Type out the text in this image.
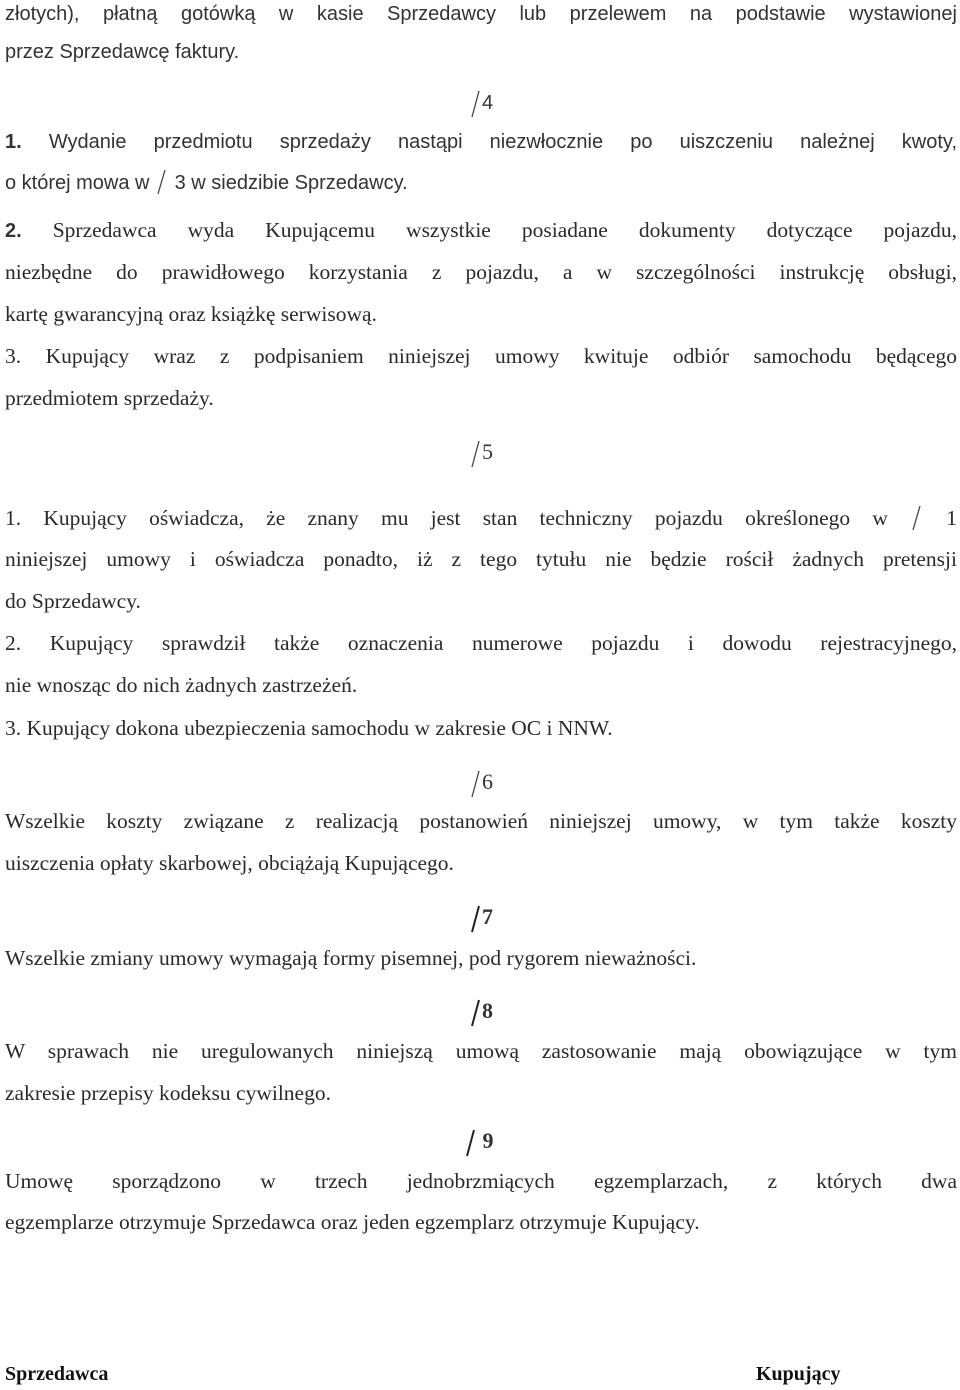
złotych), płatną gotówką w kasie Sprzedawcy lub przelewem na podstawie wystawionej
przez Sprzedawcę faktury.
4
1. Wydanie przedmiotu sprzedaży nastąpi niezwłocznie po uiszczeniu należnej kwoty,
o której mowa w  3 w siedzibie Sprzedawcy.
2. Sprzedawca wyda Kupującemu wszystkie posiadane dokumenty dotyczące pojazdu,
niezbędne do prawidłowego korzystania z pojazdu, a w szczególności instrukcję obsługi,
kartę gwarancyjną oraz książkę serwisową.
3. Kupujący wraz z podpisaniem niniejszej umowy kwituje odbiór samochodu będącego
przedmiotem sprzedaży.
5
1. Kupujący oświadcza, że znany mu jest stan techniczny pojazdu określonego w  1
niniejszej umowy i oświadcza ponadto, iż z tego tytułu nie będzie rościł żadnych pretensji
do Sprzedawcy.
2. Kupujący sprawdził także oznaczenia numerowe pojazdu i dowodu rejestracyjnego,
nie wnosząc do nich żadnych zastrzeżeń.
3. Kupujący dokona ubezpieczenia samochodu w zakresie OC i NNW.
6
Wszelkie koszty związane z realizacją postanowień niniejszej umowy, w tym także koszty
uiszczenia opłaty skarbowej, obciążają Kupującego.
7
Wszelkie zmiany umowy wymagają formy pisemnej, pod rygorem nieważności.
8
W sprawach nie uregulowanych niniejszą umową zastosowanie mają obowiązujące w tym
zakresie przepisy kodeksu cywilnego.
9
Umowę sporządzono w trzech jednobrzmiących egzemplarzach, z których dwa
egzemplarze otrzymuje Sprzedawca oraz jeden egzemplarz otrzymuje Kupujący.
Sprzedawca	Kupujący
